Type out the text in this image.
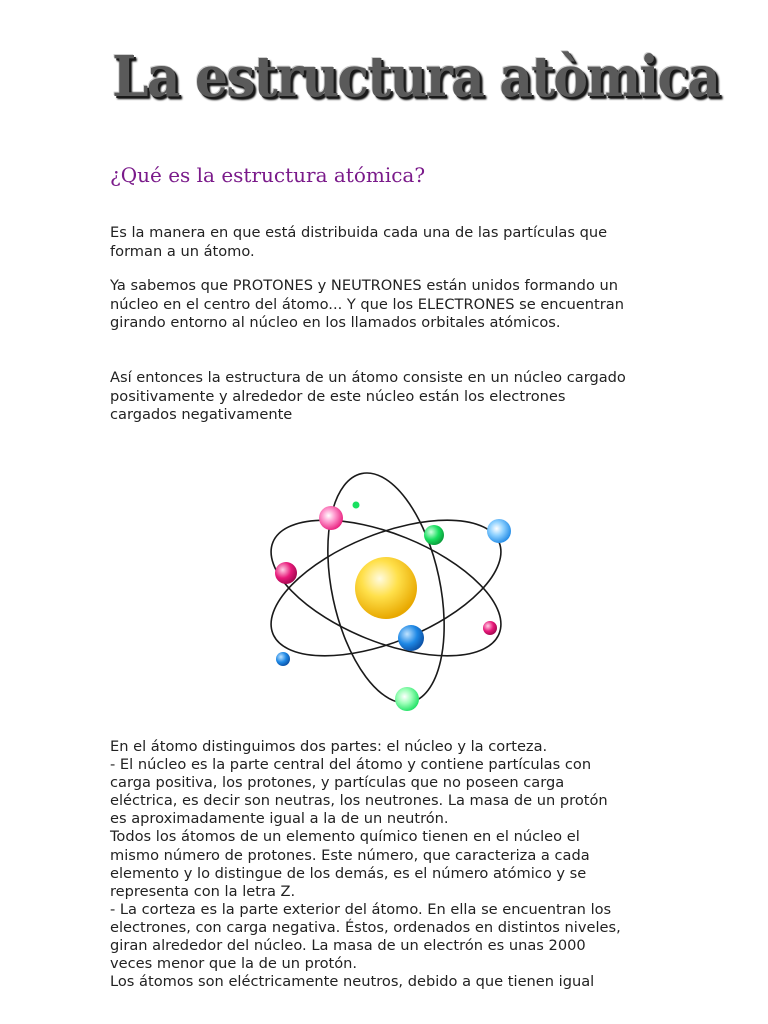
La estructura atòmica
¿Qué es la estructura atómica?

Es la manera en que está distribuida cada una de las partículas que
forman a un átomo.

Ya sabemos que PROTONES y NEUTRONES están unidos formando un
núcleo en el centro del átomo... Y que los ELECTRONES se encuentran
girando entorno al núcleo en los llamados orbitales atómicos.

Así entonces la estructura de un átomo consiste en un núcleo cargado
positivamente y alrededor de este núcleo están los electrones
cargados negativamente

En el átomo distinguimos dos partes: el núcleo y la corteza.
- El núcleo es la parte central del átomo y contiene partículas con
carga positiva, los protones, y partículas que no poseen carga
eléctrica, es decir son neutras, los neutrones. La masa de un protón
es aproximadamente igual a la de un neutrón.
Todos los átomos de un elemento químico tienen en el núcleo el
mismo número de protones. Este número, que caracteriza a cada
elemento y lo distingue de los demás, es el número atómico y se
representa con la letra Z.
- La corteza es la parte exterior del átomo. En ella se encuentran los
electrones, con carga negativa. Éstos, ordenados en distintos niveles,
giran alrededor del núcleo. La masa de un electrón es unas 2000
veces menor que la de un protón.
Los átomos son eléctricamente neutros, debido a que tienen igual
